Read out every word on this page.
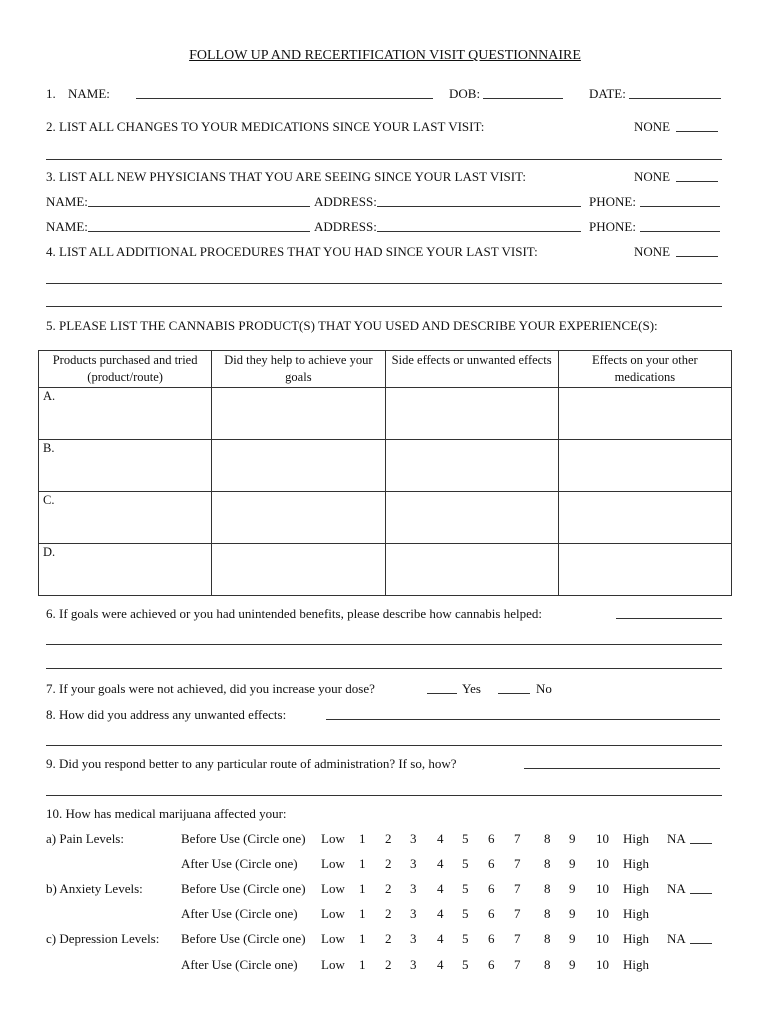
FOLLOW UP AND RECERTIFICATION VISIT QUESTIONNAIRE
1. NAME:	DOB:	DATE:
2. LIST ALL CHANGES TO YOUR MEDICATIONS SINCE YOUR LAST VISIT:	NONE
3. LIST ALL NEW PHYSICIANS THAT YOU ARE SEEING SINCE YOUR LAST VISIT:	NONE
NAME:	ADDRESS:	PHONE:
NAME:	ADDRESS:	PHONE:
4. LIST ALL ADDITIONAL PROCEDURES THAT YOU HAD SINCE YOUR LAST VISIT:	NONE
5. PLEASE LIST THE CANNABIS PRODUCT(S) THAT YOU USED AND DESCRIBE YOUR EXPERIENCE(S):
Products purchased and tried (product/route)	Did they help to achieve your goals	Side effects or unwanted effects	Effects on your other medications
A.			
B.			
C.			
D.			
6. If goals were achieved or you had unintended benefits, please describe how cannabis helped:
7. If your goals were not achieved, did you increase your dose?	Yes	No
8. How did you address any unwanted effects:
9. Did you respond better to any particular route of administration? If so, how?
10. How has medical marijuana affected your:
a) Pain Levels:	Before Use (Circle one) Low 1 2 3 4 5 6 7 8 9 10 High NA
After Use (Circle one) Low 1 2 3 4 5 6 7 8 9 10 High
b) Anxiety Levels:	Before Use (Circle one) Low 1 2 3 4 5 6 7 8 9 10 High NA
After Use (Circle one) Low 1 2 3 4 5 6 7 8 9 10 High
c) Depression Levels: Before Use (Circle one) Low 1 2 3 4 5 6 7 8 9 10 High NA
After Use (Circle one) Low 1 2 3 4 5 6 7 8 9 10 High
